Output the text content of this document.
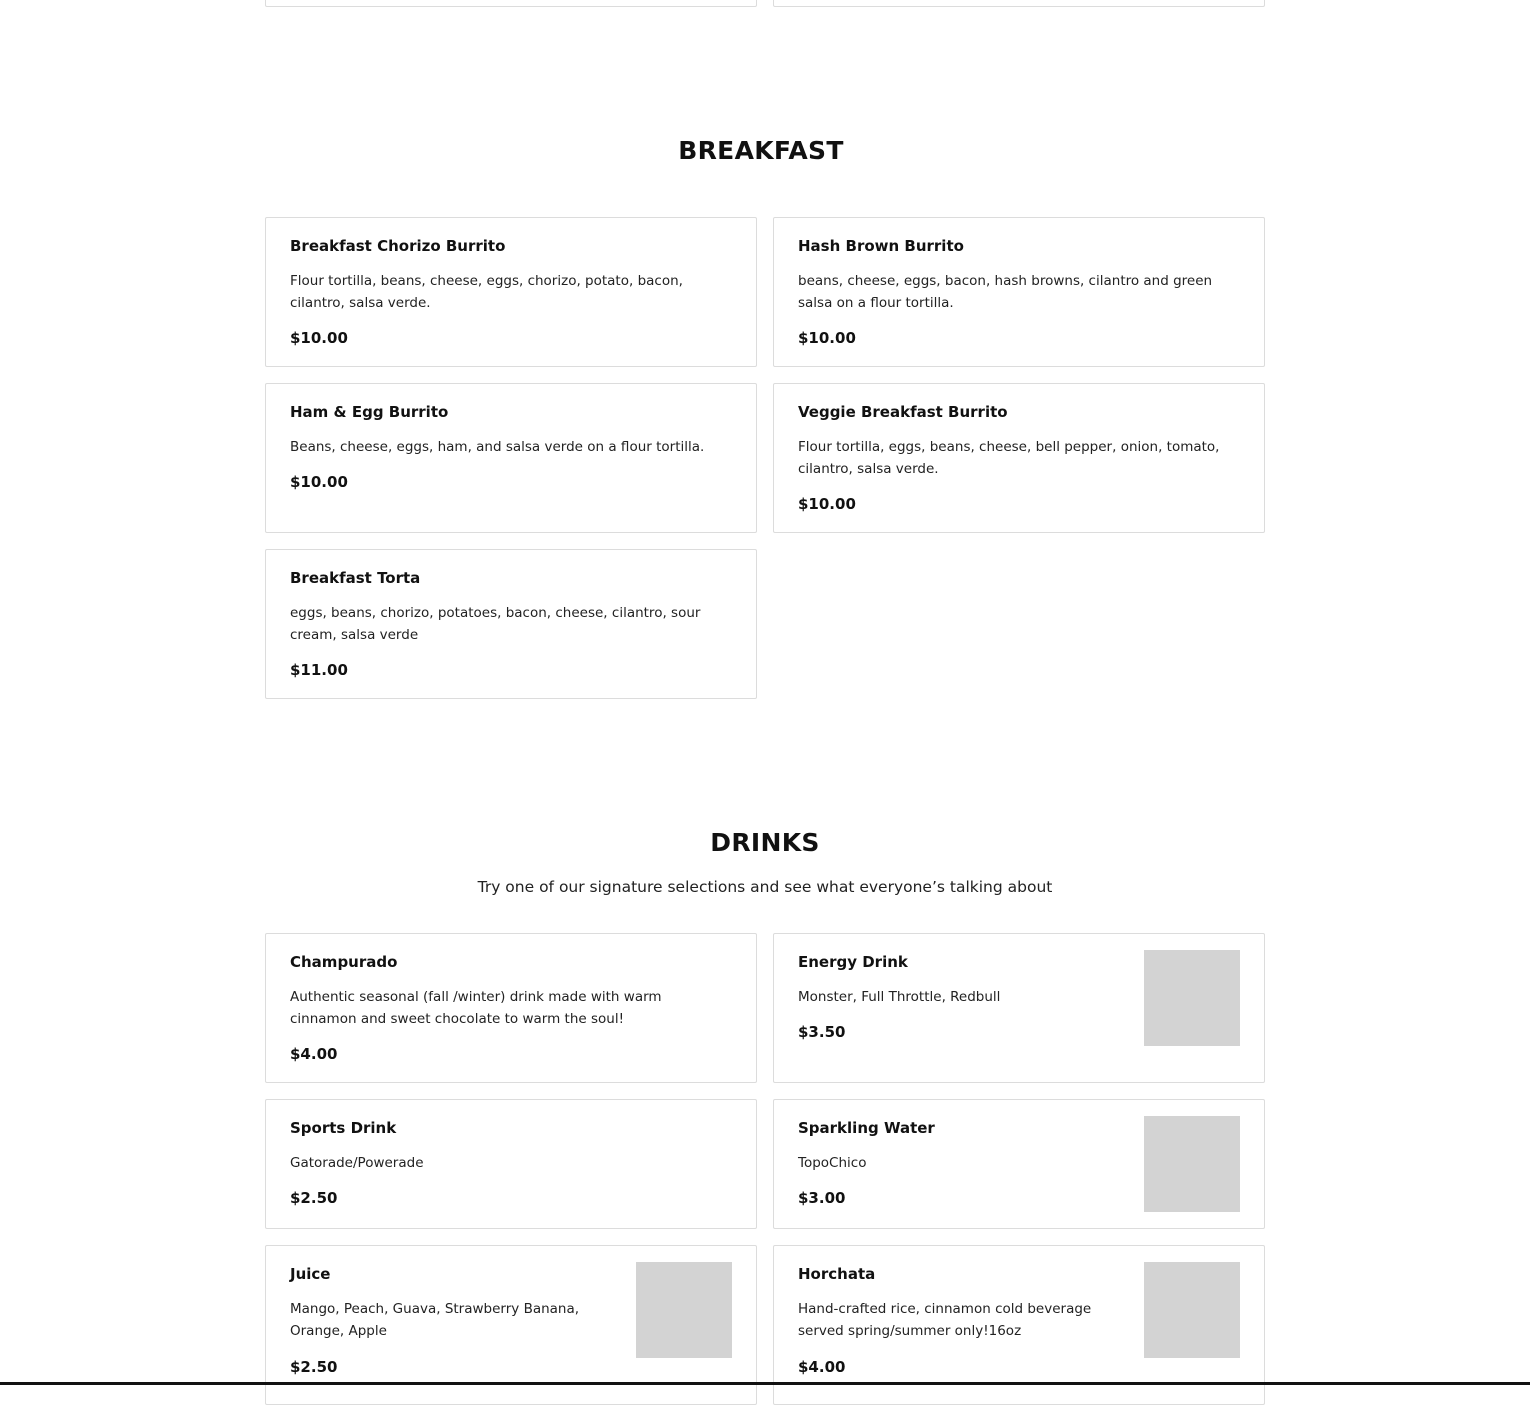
BREAKFAST
Breakfast Chorizo Burrito
Flour tortilla, beans, cheese, eggs, chorizo, potato, bacon, cilantro, salsa verde.
$10.00
Hash Brown Burrito
beans, cheese, eggs, bacon, hash browns, cilantro and green salsa on a flour tortilla.
$10.00
Ham & Egg Burrito
Beans, cheese, eggs, ham, and salsa verde on a flour tortilla.
$10.00
Veggie Breakfast Burrito
Flour tortilla, eggs, beans, cheese, bell pepper, onion, tomato, cilantro, salsa verde.
$10.00
Breakfast Torta
eggs, beans, chorizo, potatoes, bacon, cheese, cilantro, sour cream, salsa verde
$11.00
DRINKS
Try one of our signature selections and see what everyone’s talking about
Champurado
Authentic seasonal (fall /winter) drink made with warm cinnamon and sweet chocolate to warm the soul!
$4.00
Energy Drink
Monster, Full Throttle, Redbull
$3.50
Sports Drink
Gatorade/Powerade
$2.50
Sparkling Water
TopoChico
$3.00
Juice
Mango, Peach, Guava, Strawberry Banana, Orange, Apple
$2.50
Horchata
Hand-crafted rice, cinnamon cold beverage served spring/summer only!16oz
$4.00
